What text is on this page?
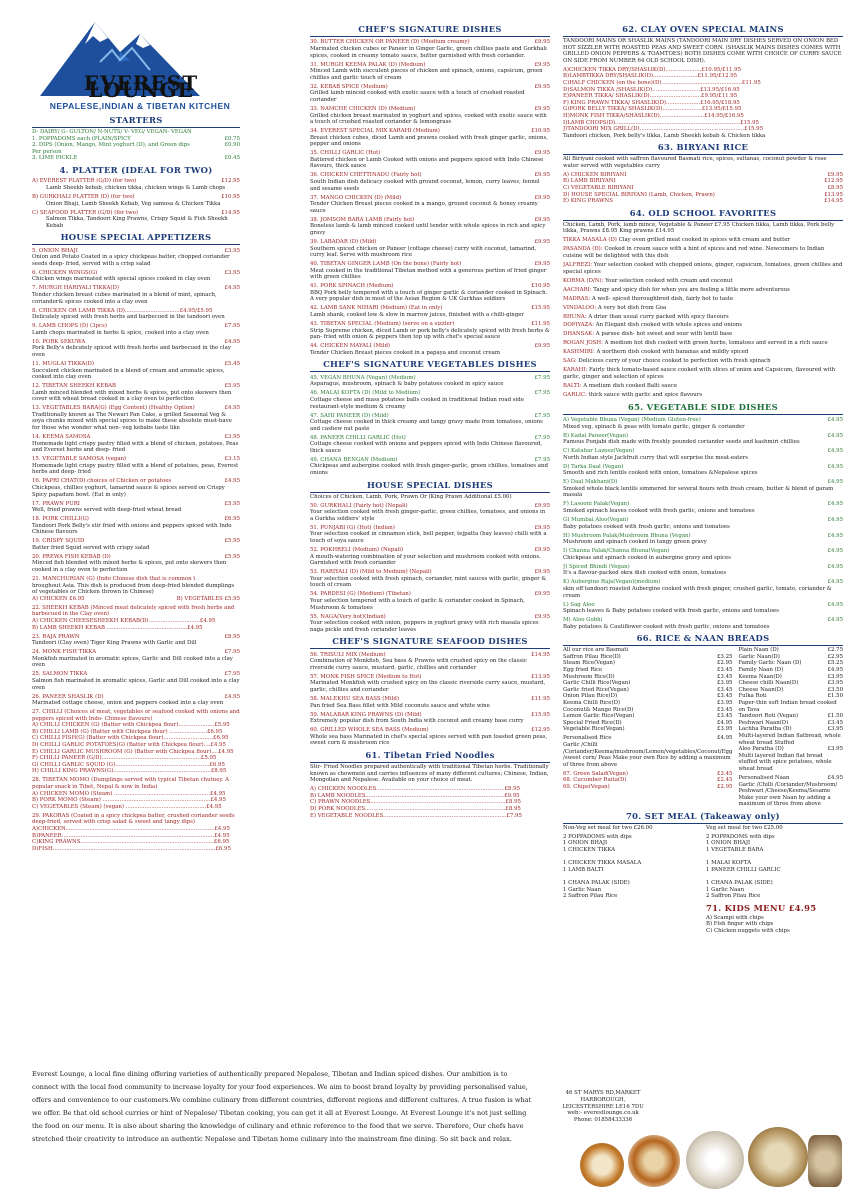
EVEREST LOUNGE
NEPALESE,INDIAN & TIBETAN KITCHEN
STARTERS
D- DAIRY/ G- GULTON/ N-NUTS/ V- VEG/ VEGAN- VEGAN
1. POPPADOMS each (PLAIN/SPICY	£0.75
2. DIPS (Onion, Mango, Mint yoghurt (D), and Green dips	£0.90
Per person
3. LIME PICKLE	£0.45
4. PLATTER (IDEAL FOR TWO)
A) EVEREST PLATTER (G/D) (for two)	£12.95
Lamb Sheekh kebab, chicken tikka, chicken wings & Lamb chops
B) GURKHALI PLATTER (D) (for two)	£10.95
Onion Bhaji, Lamb Sheekh Kebab, Veg samosa & Chicken Tikka
C) SEAFOOD PLATTER (G/D) (for two)	£14.95
Salmon Tikka, Tandoori King Prawns, Crispy Squid & Fish Sheekh Kebab
HOUSE SPECIAL APPETIZERS
5. ONION BHAJI	£3.95
Onion and Potato Coated in a spicy chickpeas batter, chopped coriander seeds deep- fried, served with a crisp salad
6. CHICKEN WINGS(G)	£3.95
Chicken wings marinated with special spices cooked in clay oven
7. MURGH HARIYALI TIKKA(D)	£4.95
Tender chicken breast cubes marinated in a blend of mint, spinach, coriander& spices cooked into a clay oven
8. CHICKEN OR LAMB TIKKA (D)................................£4.95/£5.95
Delicately spiced with fresh herbs and barbecued in the tandoori oven
9. LAMB CHOPS (D) (3pcs)	£7.95
Lamb chops marinated in herbs & spice, cooked into a clay oven
10. PORK SEKUWA	£4.95
Pork Belly's delicately spiced with fresh herbs and barbecued in the clay oven
11. MUGLAI TIKKA(D)	£5.45
Succulent chicken marinated in a blend of cream and aromatic spices, cooked into clay oven
12. TIBETAN SHEEKH KEBAB	£5.95
Lamb minced blended with mixed herbs & spices, put onto skewers then cover with wheat bread cooked in a clay oven to perfection
13. VEGETABLES BARA(G) (Egg Content) (Healthy Option)	£4.95
Traditionally known as The Newari Pan Cake, a grilled Seasonal Veg & soya chunks mixed with special spices to make these absolute must-have for those who wonder what non- veg kebabs taste like
14. KEEMA SAMOSA	£3.95
Homemade light crispy pastry filled with a blend of chicken, potatoes, Peas and Everest herbs and deep- fried
15. VEGETABLE SAMOSA (vegan)	£3.15
Homemade light crispy pastry filled with a blend of potatoes, peas, Everest herbs and deep- fried
16. PAPRI CHAT(D) choices of Chicken or potatoes	£4.95
Chickpeas, chillies yoghurt, tamarind sauce & spices served on Crispy Spicy papadum bowl. (Eat in only)
17. PRAWN PURI	£5.95
Well, fried prawns served with deep-fried wheat bread
18. PORK CHILLI(G)	£6.95
Tandoori Pork Belly's stir fried with onions and peppers spiced with Indo Chinese flavours
19. CRISPY SQUID	£5.95
Batter fried Squid served with crispy salad
20. PREWA FISH KEBAB (D)	£5.95
Minced fish blended with mixed herbs & spices, put onto skewers then cooked in a clay oven to perfection
21. MANCHURIAN (G) (Indo Chinese dish that is common t
hroughout Asia. This dish is produced from deep-fried blended dumplings of vegetables or Chicken thrown in Chinese)
A) CHICKEN £6.95	B) VEGETABLES £5.95
22. SHEEKH KEBAB (Minced meat delicately spiced with fresh herbs and barbecued in the Clay oven)
A) CHICKEN CHEESESHEEKH KEBAB(D)..............................£4.95
B) LAMB SHEEKH KEBAB ...............................................£4.95
23. RAJA PRAWN	£8.95
Tandoori (Clay oven) Tiger King Prawns with Garlic and Dill
24. MONK FISH TIKKA	£7.95
Monkfish marinated in aromatic spices, Garlic and Dill cooked into a clay oven
25. SALMON TIKKA	£7.95
Salmon fish marinated in aromatic spices, Garlic and Dill cooked into a clay oven
26. PANEER SHASLIK (D)	£4.95
Marinated cottage cheese, onion and peppers cooked into a clay oven
27. CHILLI (Choices of meat, vegetables or seafood cooked with onions and peppers spiced with Indo- Chinese flavours)
A) CHILLI CHICKEN (G) (Batter with Chickpea flour).....................£5.95
B) CHILLI LAMB (G) (Batter with Chickpea flour) ......................£6.95
C) CHILLI FISH(G) (Batter with Chickpea flour).............................£6.95
D) CHILLI GARLIC POTATOES(G) (Batter with Chickpea flour)....£4.95
E) CHILLI GARLIC MUSHROOM (G) (Batter with Chickpea flour)....£4.95
F) CHILLI PANEER (G/D)..........................................................£5.95
G) CHILLI GARLIC SQUID (G).......................................................£6.95
H) CHILLI KING PRAWNS(G).........................................................£8.95
28. TIBETAN MOMO (Dumplings served with typical Tibetan chutney. A popular snack in Tibet, Nepal & now in India)
A) CHICKEN MOMO (Steam) ........................................................£4.95
B) PORK MOMO (Steam) ...............................................................£4.95
C) VEGETABLES (Steam) (vegan) ...............................................£4.95
29. PAKORAS (Coated in a spicy chickpea batter, crushed coriander seeds deep-fried, served with crisp salad & sweet and tangy dips)
A)CHICKEN.......................................................................................£4.95
B)PANEER.........................................................................................£4.95
C)KING PRAWNS..............................................................................£6.95
D)FISH...............................................................................................£6.95
CHEF'S SIGNATURE DISHES
30. BUTTER CHICKEN OR PANEER (D) (Medium creamy)	£9.95
Marinated chicken cubes or Paneer in Ginger Garlic, green chillies paste and Gorkhali spices, cooked in creamy tomato sauce, butter garnished with fresh coriander.
31. MURGH KEEMA PALAK (D) (Medium)	£9.95
Minced Lamb with succulent pieces of chicken and spinach, onions, capsicum, green chillies and garlic touch of cream
32. KEBAB SPICE (Medium)	£9.95
Grilled lamb minced cooked with exotic sauce with a touch of crushed roasted coriander
33. NAMCHE CHICKEN (D) (Medium)	£9.95
Grilled chicken breast marinated in yoghurt and spices, cooked with exotic sauce with a touch of crushed roasted coriander & lemongrass
34. EVEREST SPECIAL MIX KARAHI (Medium)	£10.95
Breast chicken cubes, diced Lamb and prawns cooked with fresh ginger garlic, onions, pepper and onions
35. CHILLI GARLIC (Hot)	£9.95
Battered chicken or Lamb Cooked with onions and peppers spiced with Indo Chinese flavours, thick sauce
36. CHICKEN CHETTINADU (Fairly hot)	£9.95
South Indian dish delicacy cooked with ground coconut, lemon, curry leaves, fennel and sesame seeds
37. MANGO CHICKEN (D) (Mild)	£9.95
Tender Chicken Breast pieces cooked in a mango, ground coconut & honey creamy sauce
38. JOMSOM BARA LAMB (Fairly hot)	£9.95
Boneless lamb & lamb minced cooked until tender with whole spices in rich and spicy gravy
39. LABADAR (D) (Mild)	£9.95
Southern spiced chicken or Paneer (cottage cheese) curry with coconut, tamarind, curry leaf. Serve with mushroom rice
40. TIBETAN GINGER LAMB (On the bone) (Fairly hot)	£9.95
Meat cooked in the traditional Tibetan method with a generous portion of fried ginger with green chillies
41. PORK SPINACH (Medium)	£10.95
BBQ Pork belly tempered with a touch of ginger garlic & coriander cooked in Spinach. A very popular dish in most of the Asian Region & UK Gurkhas soldiers
42. LAMB SANK NIHARI (Medium) (Eat in only)	£15.95
Lamb shank, cooked low & slow in marrow juices, finished with a chilli-ginger
43. TIBETAN SPECIAL (Medium) (serve on a sizzler)	£11.95
Strip Supreme chicken, diced Lamb or pork belly's delicately spiced with fresh herbs & pan- fried with onion & peppers then top up with chef's special sauce
44. CHICKEN MAYALI (Mild)	£9.95
Tender Chicken Breast pieces cooked in a papaya and coconut cream
CHEF'S SIGNATURE VEGETABLES DISHES
45. VEGAN BHUNA (Vegan) (Medium)	£7.95
Asparagus, mushroom, spinach & baby potatoes cooked in spicy sauce
46. MALAI KOFTA (D) (Mild to Medium)	£7.95
Cottage cheese and mass potatoes balls cooked in traditional Indian road side restaurant-style medium & creamy
47. SAHI PANEER (D) (Mild)	£7.95
Cottage cheese cooked in thick creamy and tangy gravy made from tomatoes, onions and cashew nut paste
48. PANEER CHILLI GARLIC (Hot)	£7.95
Cottage cheese cooked with onions and peppers spiced with Indo Chinese flavoured, thick sauce
49. CHANA BENGAN (Medium)	£7.95
Chickpeas and aubergine cooked with fresh ginger-garlic, green chillies, tomatoes and onions
HOUSE SPECIAL DISHES
Choices of Chicken, Lamb, Pork, Prawn Or (King Prawn Additional £5.00)
50. GURKHALI (Fairly hot) (Nepali)	£9.95
Your selection cooked with fresh ginger-garlic, green chillies, tomatoes, and onions in a Gurkha soldiers' style
51. PUNJABI (G) (Hot) (Indian)	£9.95
Your selection cooked in cinnamon stick, bell pepper, tejpatta (bay leaves) chilli with a touch of soya sauce
52. POKHRELI (Medium) (Nepali)	£9.95
A mouth-watering combination of your selection and mushroom cooked with onions. Garnished with fresh coriander
53. HARIYALI (D) (Mild to Medium) (Nepali)	£9.95
Your selection cooked with fresh spinach, coriander, mint sauces with garlic, ginger & touch of cream
54. PARDESI (G) (Medium) (Tibetan)	£9.95
Your selection tempered with a touch of garlic & coriander cooked in Spinach, Mushroom & tomatoes
55. NAGA(Very hot)(Indian)	£9.95
Your selection cooked with onion, peppers in yoghurt gravy with rich masala spices naga pickle and fresh coriander leaves
CHEF'S SIGNATURE SEAFOOD DISHES
56. TRISULI MIX (Medium)	£14.95
Combination of Monkfish, Sea bass & Prawns with crushed spicy on the classic riverside curry sauce, mustard, garlic, chillies and coriander
57. MONK FISH SPICE (Medium to Hot)	£13.95
Marinated Monkfish with crushed spicy on the classic riverside curry sauce, mustard, garlic, chillies and coriander
58. MALEKHU SEA BASS (Mild)	£11.95
Pan fried Sea Bass fillet with Mild coconuts sauce and white wine
59. MALABAR KING PRAWNS (D) (Mild)	£15.95
Extremely popular dish from South India with coconut and creamy base curry
60. GRILLED WHOLE SEA BASS (Medium)	£12.95
Whole sea bass Marinated in chef's special spices served with pan toasted green peas, sweet corn & mushroom rice
61. Tibetan Fried Noodles
Stir- Fried Noodles prepared authentically with traditional Tibetan herbs. Traditionally known as chowmein and carries influences of many different cultures; Chinese, Indian, Mongolian and Nepalese. Available on your choice of meat.
A) CHICKEN NOODLES...........................................................................£8.95
B) LAMB NOODLES.................................................................................£9.95
C) PRAWN NOODLES...............................................................................£8.95
D) PORK NOODLES..................................................................................£8.95
E) VEGETABLE NOODLES........................................................................£7.95
62. CLAY OVEN SPECIAL MAINS
TANDOORI MAINS OR SHASLIK MAINS (TANDOORI MAIN DRY DISHES SERVED ON ONION BED HOT SIZZLER WITH ROASTED PEAS AND SWEET CORN. (SHASLIK MAINS DISHES COMES WITH GRILLED ONION PEPPERS & TOAMTOES) BOTH DISHES COME WITH CHOICE OF CURRY SAUCE ON SIDE FROM NUMBER 64 OLD SCHOOL DISH).
A)CHICKEN TIKKA DRY/SHASLIK(D).....................£10.95/£11.95
B)LAMBTIKKA DRY/SHASLIK(D)..........................£11.95/£12.95
C)HALF CHICKEN (on the bone)(D)...............................................£11.95
D)SALMON TIKKA /SHASLIK(D)............................£13.95/£16.95
E)PANEER TIKKA/ SHASLIK(D)..............................£9.95/£11.95
F) KING PRAWN TIKKA/ SHASLIK(D)....................£16.95/£18.95
G)PORK BELLY TIKKA/ SHASLIK(D).......................£13.95/£15.95
H)MONK FISH TIKKA/SHASLIK(D)..........................£14.95/£16.95
I)LAMB CHOPS(D).........................................................................£15.95
J)TANDOORI MIX GRILL(D).............................................................£15.95
Tandoori chicken, Pork belly's tikka, Lamb Sheekh kebab & Chicken tikka
63. BIRYANI RICE
All Biriyani cooked with saffron flavoured Basmati rice, spices, sultanas, coconut powder & rose water served with vegetables curry
A) CHICKEN BIRIYANI	£9.95
B) LAMB BIRIYANI	£12.95
C) VEGETABLE BIRIYANI	£8.95
D) HOUSE SPECIAL BIRIYANI (Lamb, Chicken, Prawn)	£13.95
E) KING PRAWNS	£14.95
64. OLD SCHOOL FAVORITES
Chicken, Lamb, Pork, lamb mince, Vegetable & Paneer £7.95 Chicken tikka, Lamb tikka, Pork belly tikka, Prawns £8.95 King prawns £14.95
TIKKA MASALA (D) Clay oven grilled meat cooked in spices with cream and butter
PASANDA (D): Cooked in cream sauce with a hint of spices and red wine. Newcomers to Indian cuisine will be delighted with this dish
JALFREZI: Your selection cooked with chopped onions, ginger, capsicum, tomatoes, green chillies and special spices
KORMA (D/N): Your selection cooked with cream and coconut
AACHARI: Tangy and spicy dish for when you are feeling a little more adventurous
MADRAS: A well- spiced thoroughbred dish, fairly hot to taste
VINDALOO: A very hot dish from Goa
BHUNA: A drier than usual curry packed with spicy flavours
DOPIYAZA: An Elegant dish cooked with whole spices and onions
DHANSAK: A parsee dish- hot sweet and sour with lentil base
ROGAN JOSH: A medium hot dish cooked with green herbs, tomatoes and served in a rich sauce
KASHMIRI: A northern dish cooked with bananas and mildly spiced
SAG: Delicious curry of your choice cooked to perfection with fresh spinach
KARAHI: Fairly thick tomato-based sauce cooked with slices of onion and Capsicum, flavoured with garlic, ginger and selection of spices
BALTI: A medium dish cooked Balti sauce
GARLIC: thick sauce with garlic and spice flavours
65. VEGETABLE SIDE DISHES
A) Vegetable Bhuna (Vegan) (Medium Gluten-free)	£4.95
Mixed veg, spinach & peas with tomato garlic, ginger & coriander
B) Kadai Paneer(Vegan)	£4.95
Famous Punjabi dish made with freshly pounded coriander seeds and kashmiri chillies
C) Katahar Lazeez(Vegan)	£4.95
North Indian style Jackfruit curry that will surprise the meat-eaters
D) Tarka Daal (Vegan)	£4.95
Smooth and rich lentils cooked with onion, tomatoes &Nepalese spices
E) Daal Makhani(D)	£4.95
Smoked whole black lentils simmered for several hours with fresh cream, butter & blend of garam masala
F) Lasooni Palak(Vegan)	£4.95
Smoked spinach leaves cooked with fresh garlic, onions and tomatoes
G) Mumbai Aloo(Vegan)	£4.95
Baby potatoes cooked with fresh garlic, onions and tomatoes
H) Mushroom Palak/Mushroom Bhuna (Vegan)	£4.95
Mushroom and spinach cooked in tangy green gravy
I) Channa Palak/Channa Bhuna(Vegan)	£4.95
Chickpeas and spinach cooked in aubergine gravy and spices
J) Spiced Bhindi (Vegan)	£4.95
It's a flavour-packed okra dish cooked with onion, tomatoes
K) Aubergine Raja(Vegan)(medium)	£4.95
skin off tandoori roasted Aubergine cooked with fresh ginger, crushed garlic, tomato, coriander & cream
L) Sag Aloo	£4.95
Spinach leaves & Baby potatoes cooked with fresh garlic, onions and tomatoes
M) Aloo Gobhi	£4.95
Baby potatoes & Cauliflower cooked with fresh garlic, onions and tomatoes
66. RICE & NAAN BREADS
All our rice are Basmati
Saffron Pilau Rice(D)	£3.25
Steam Rice(Vegan)	£2.95
Egg fried Rice	£3.45
Mushroom Rice(D)	£3.45
Garlic Chilli Rice(Vegan)	£3.95
Garlic fried Rice(Vegan)	£3.45
Onion Pilau Rice(D)	£3.45
Keema Chilli Rice(D)	£3.95
Coconut& Mango Rice(D)	£3.45
Lemon Garlic Rice(Vegan)	£3.45
Special Fried Rice(D)	£4.95
Vegetable Rice(Vegan)	£3.95
Personalised Rice	£4.95
Garlic /Chilli /Coriander/Keema/mushroom/Lemon/vegetables/Coconut/Egg /sweet corn/ Peas Make your own Rice by adding a maximum of three from above
67. Green Salad(Vegan)	£3.45
68. Cucumber Raita(D)	£2.45
69. Chips(Vegan)	£2.95
Plain Naan (D)	£2.75
Garlic Naan(D)	£2.95
Family Garlic Naan (D)	£5.25
Family Naan (D)	£4.95
Keema Naan(D)	£3.95
Cheese chilli Naan(D)	£3.95
Cheese Naan(D)	£3.50
Fulka Roti	£1.50
Paper-thin soft Indian bread cooked on Tava
Tandoori Roti (Vegan)	£1.50
Peshwari Naan(D)	£3.45
Lachha Paratha (D)	£3.95
Multi-layered Indian flatbread, whole wheat bread Stuffed
Aloo Paratha (D)	£3.95
Multi layered Indian flat bread stuffed with spice potatoes, whole wheat bread
Personalised Naan	£4.95
Garlic /Chilli /Coriander/Mushroom/ Peshwari /Cheese/Keema/Sesame Make your own Naan by adding a maximum of three from above
70. SET MEAL (Takeaway only)
Non-Veg set meal for two £26.00
2 POPPADOMS with dips
1 ONION BHAJI
1 CHICKEN TIKKA

1 CHICKEN TIKKA MASALA
1 LAMB BALTI

1 CHANA PALAK (SIDE)
1 Garlic Naan
2 Saffron Pilau Rice
Veg set meal for two £25.00
2 POPPADOMS with dips
1 ONION BHAJI
1 VEGETABLE BARA

1 MALAI KOFTA
1 PANEER CHILLI GARLIC

1 CHANA PALAK (SIDE)
1 Garlic Naan
2 Saffron Pilau Rice
71. KIDS MENU £4.95
A) Scampi with chips
B) Fish finger with chips
C) Chicken nuggets with chips
Everest Lounge, a local fine dining offering varieties of authentically prepared Nepalese, Tibetan and Indian spiced dishes. Our ambition is to connect with the local food community to increase loyalty for your food experiences. We aim to boost brand loyalty by providing personalised value, offers and convenience to our customers.We combine culinary from different countries, different regions and different cultures. A true fusion is what we offer. Be that old school curries or hint of Nepalese/ Tibetan cooking, you can get it all at Everest Lounge. At Everest Lounge it's not just selling the food on our menu. It is also about sharing the knowledge of culinary and ethnic reference to the food that we serve. Therefore, Our chefs have stretched their creativity to introduce an authentic Nepalese and Tibetan home culinary into the mainstream fine dining. So sit back and relax.
46 ST MARYS RD,MARKET HARBOROUGH,
LEICESTERSHIRE LE16 7DU
web:- everestlounge.co.uk
Phone: 01858433336
